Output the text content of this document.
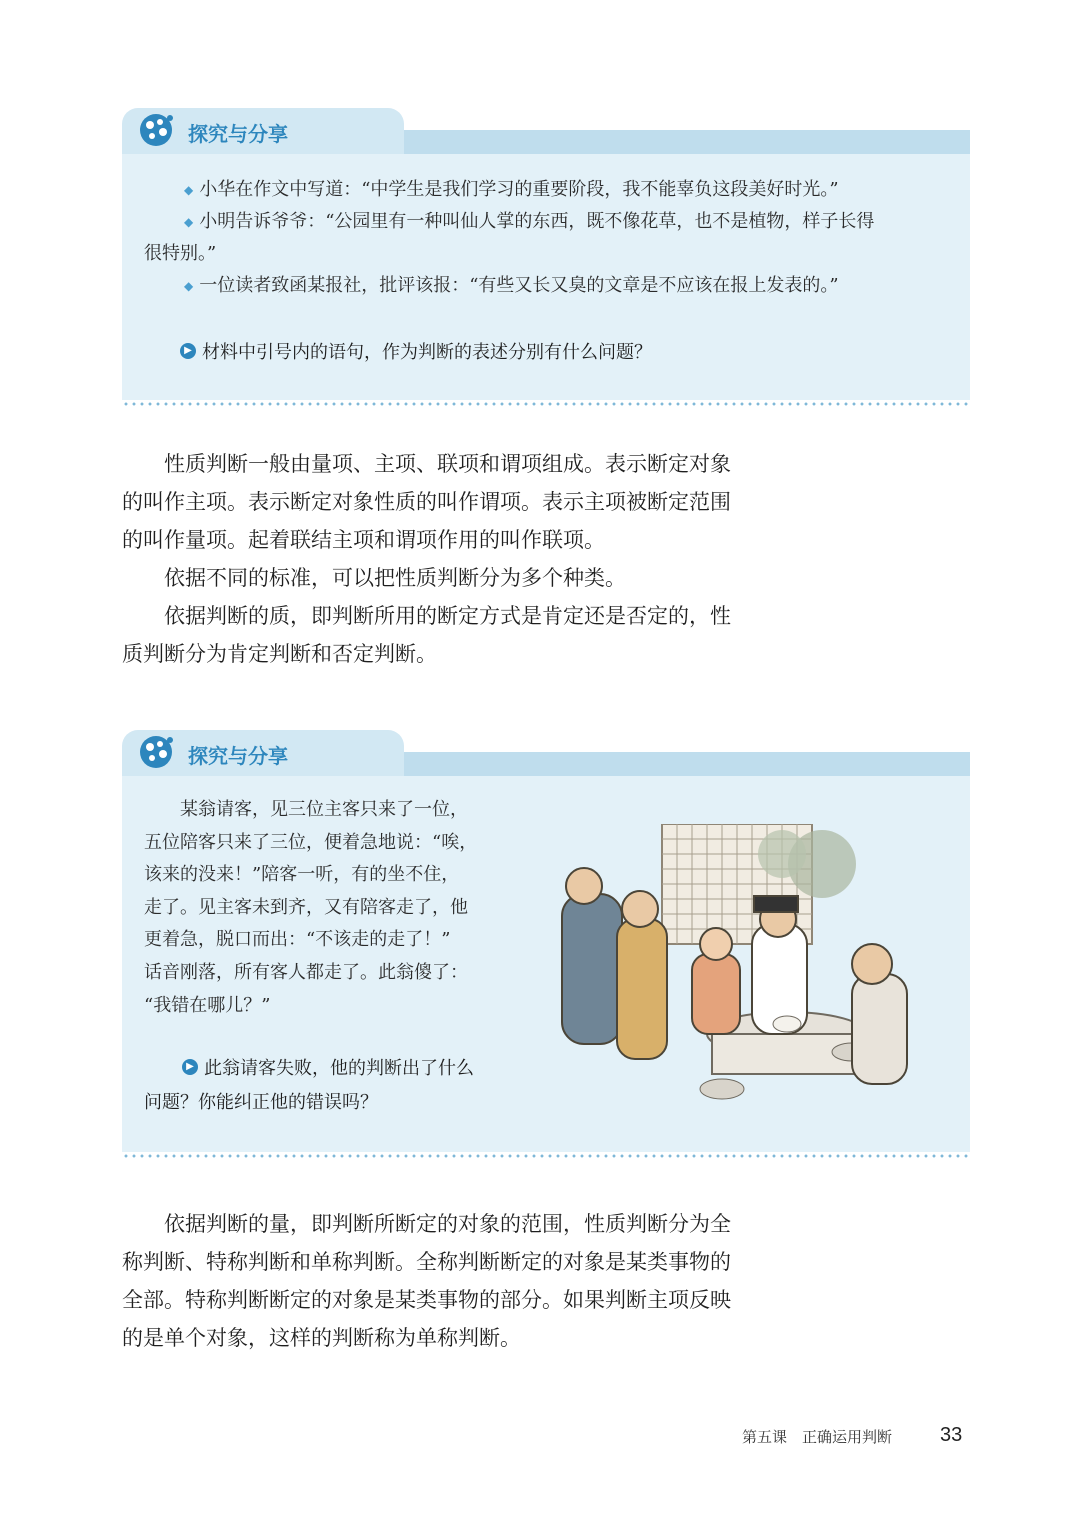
探究与分享
◆ 小华在作文中写道：“中学生是我们学习的重要阶段，我不能辜负这段美好时光。”
◆ 小明告诉爷爷：“公园里有一种叫仙人掌的东西，既不像花草，也不是植物，样子长得
很特别。”
◆ 一位读者致函某报社，批评该报：“有些又长又臭的文章是不应该在报上发表的。”
▶ 材料中引号内的语句，作为判断的表述分别有什么问题？

性质判断一般由量项、主项、联项和谓项组成。表示断定对象

的叫作主项。表示断定对象性质的叫作谓项。表示主项被断定范围

的叫作量项。起着联结主项和谓项作用的叫作联项。

依据不同的标准，可以把性质判断分为多个种类。

依据判断的质，即判断所用的断定方式是肯定还是否定的，性

质判断分为肯定判断和否定判断。

探究与分享
某翁请客，见三位主客只来了一位，
五位陪客只来了三位，便着急地说：“唉，
该来的没来！”陪客一听，有的坐不住，
走了。见主客未到齐，又有陪客走了，他
更着急，脱口而出：“不该走的走了！”
话音刚落，所有客人都走了。此翁傻了：
“我错在哪儿？”
▶ 此翁请客失败，他的判断出了什么
问题？你能纠正他的错误吗？

依据判断的量，即判断所断定的对象的范围，性质判断分为全

称判断、特称判断和单称判断。全称判断断定的对象是某类事物的

全部。特称判断断定的对象是某类事物的部分。如果判断主项反映

的是单个对象，这样的判断称为单称判断。

第五课　正确运用判断 33
